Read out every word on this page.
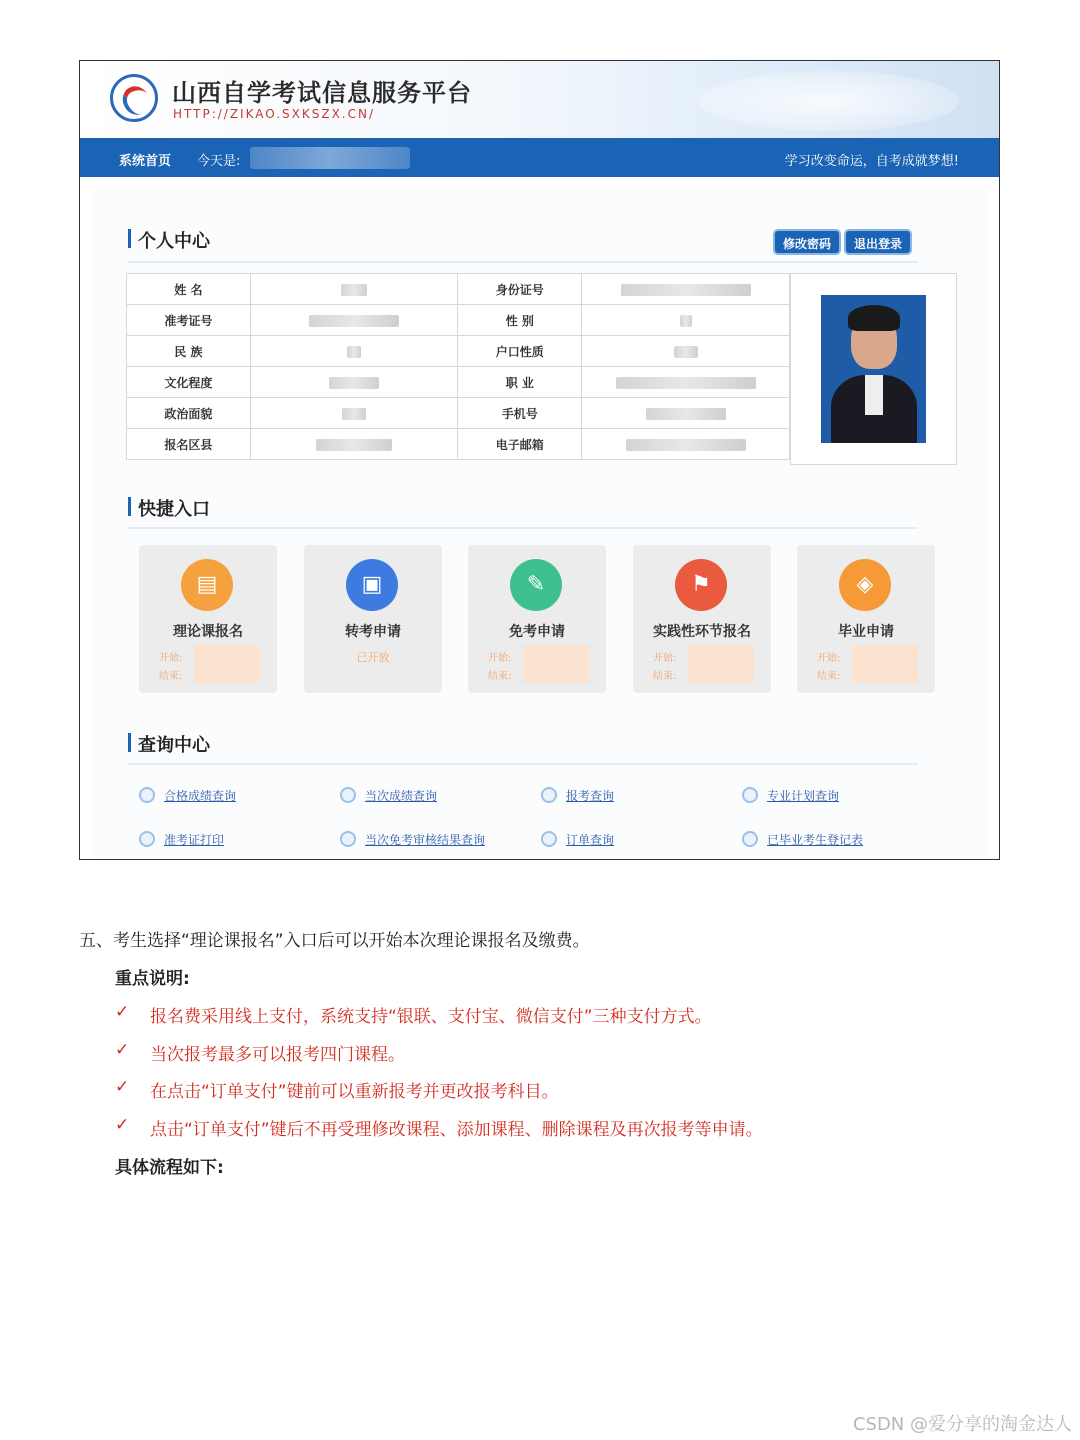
山西自学考试信息服务平台
HTTP://ZIKAO.SXKSZX.CN/
系统首页 今天是:	学习改变命运，自考成就梦想!
个人中心	修改密码	退出登录
姓 名		身份证号	
准考证号		性 别	
民 族		户口性质	
文化程度		职 业	
政治面貌		手机号	
报名区县		电子邮箱	
快捷入口
▤
理论课报名
开始:
结束:
▣
转考申请
已开放
✎
免考申请
开始:
结束:
⚑
实践性环节报名
开始:
结束:
◈
毕业申请
开始:
结束:
查询中心
合格成绩查询	当次成绩查询	报考查询	专业计划查询
准考证打印	当次免考审核结果查询	订单查询	已毕业考生登记表
五、考生选择“理论课报名”入口后可以开始本次理论课报名及缴费。
重点说明:
✓ 报名费采用线上支付，系统支持“银联、支付宝、微信支付”三种支付方式。
✓ 当次报考最多可以报考四门课程。
✓ 在点击“订单支付”键前可以重新报考并更改报考科目。
✓ 点击“订单支付”键后不再受理修改课程、添加课程、删除课程及再次报考等申请。
具体流程如下:
CSDN @爱分享的淘金达人
